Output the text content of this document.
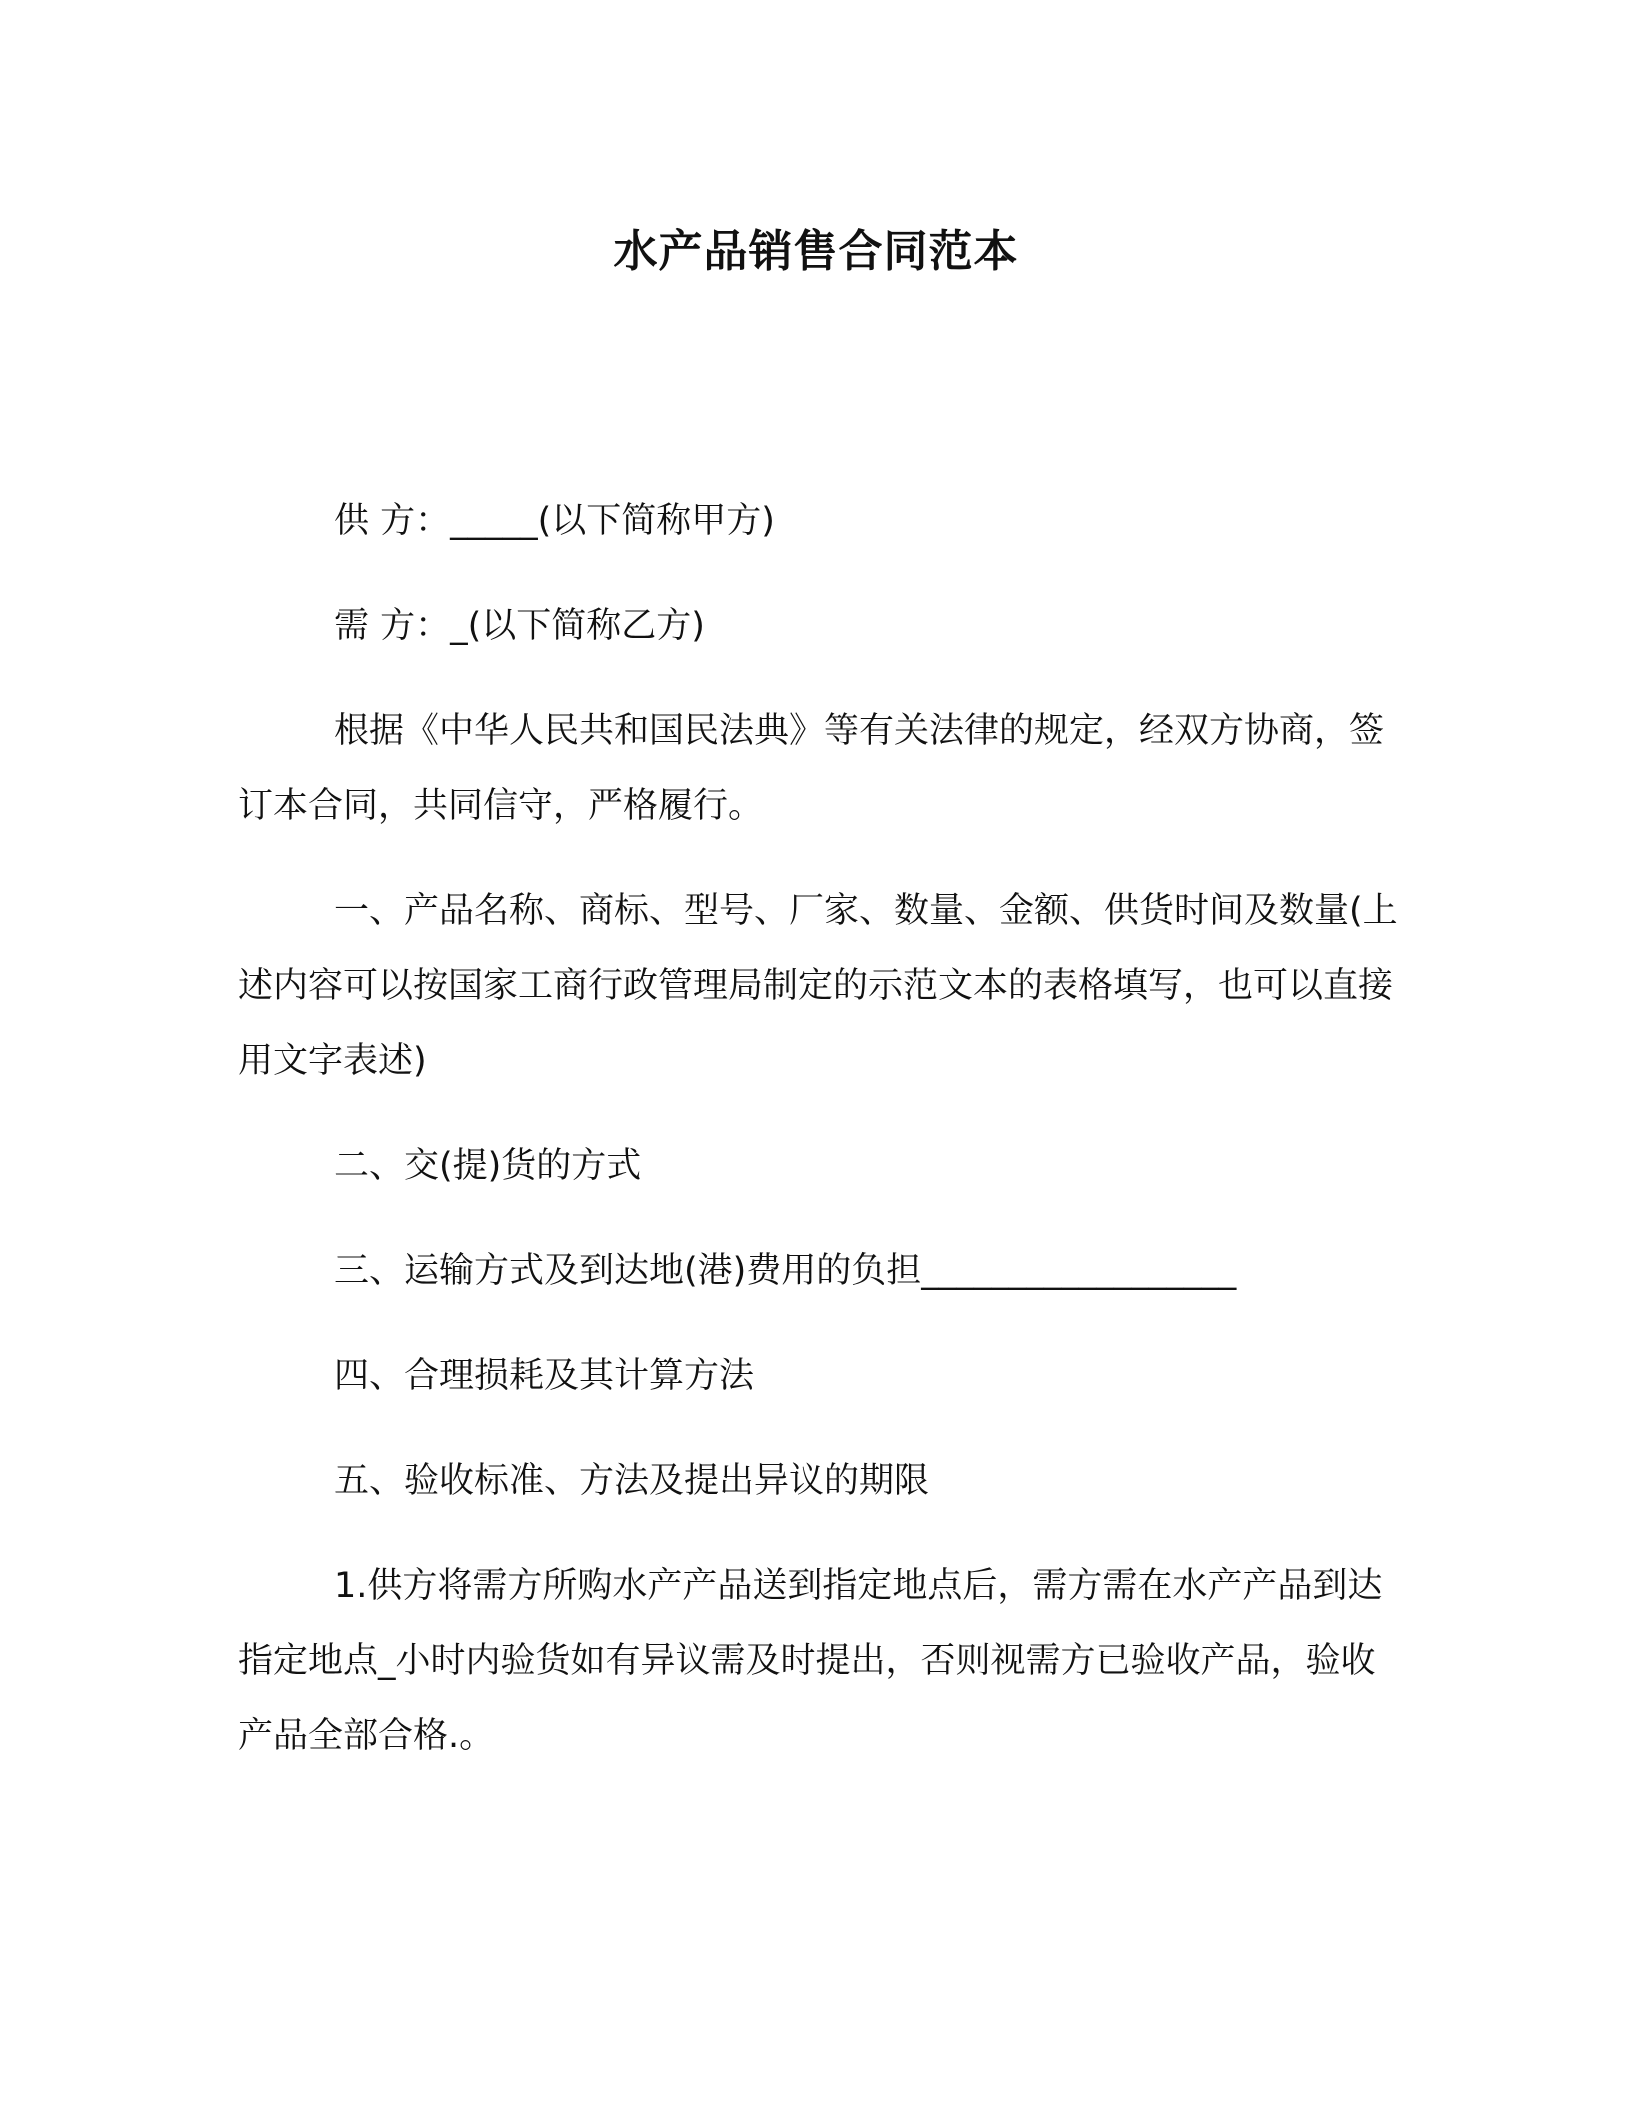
水产品销售合同范本

供 方：_____(以下简称甲方)

需 方：_(以下简称乙方)

根据《中华人民共和国民法典》等有关法律的规定，经双方协商，签订本合同，共同信守，严格履行。

一、产品名称、商标、型号、厂家、数量、金额、供货时间及数量(上述内容可以按国家工商行政管理局制定的示范文本的表格填写，也可以直接用文字表述)

二、交(提)货的方式

三、运输方式及到达地(港)费用的负担__________________

四、合理损耗及其计算方法

五、验收标准、方法及提出异议的期限

1.供方将需方所购水产产品送到指定地点后，需方需在水产产品到达指定地点_小时内验货如有异议需及时提出，否则视需方已验收产品，验收产品全部合格.。
